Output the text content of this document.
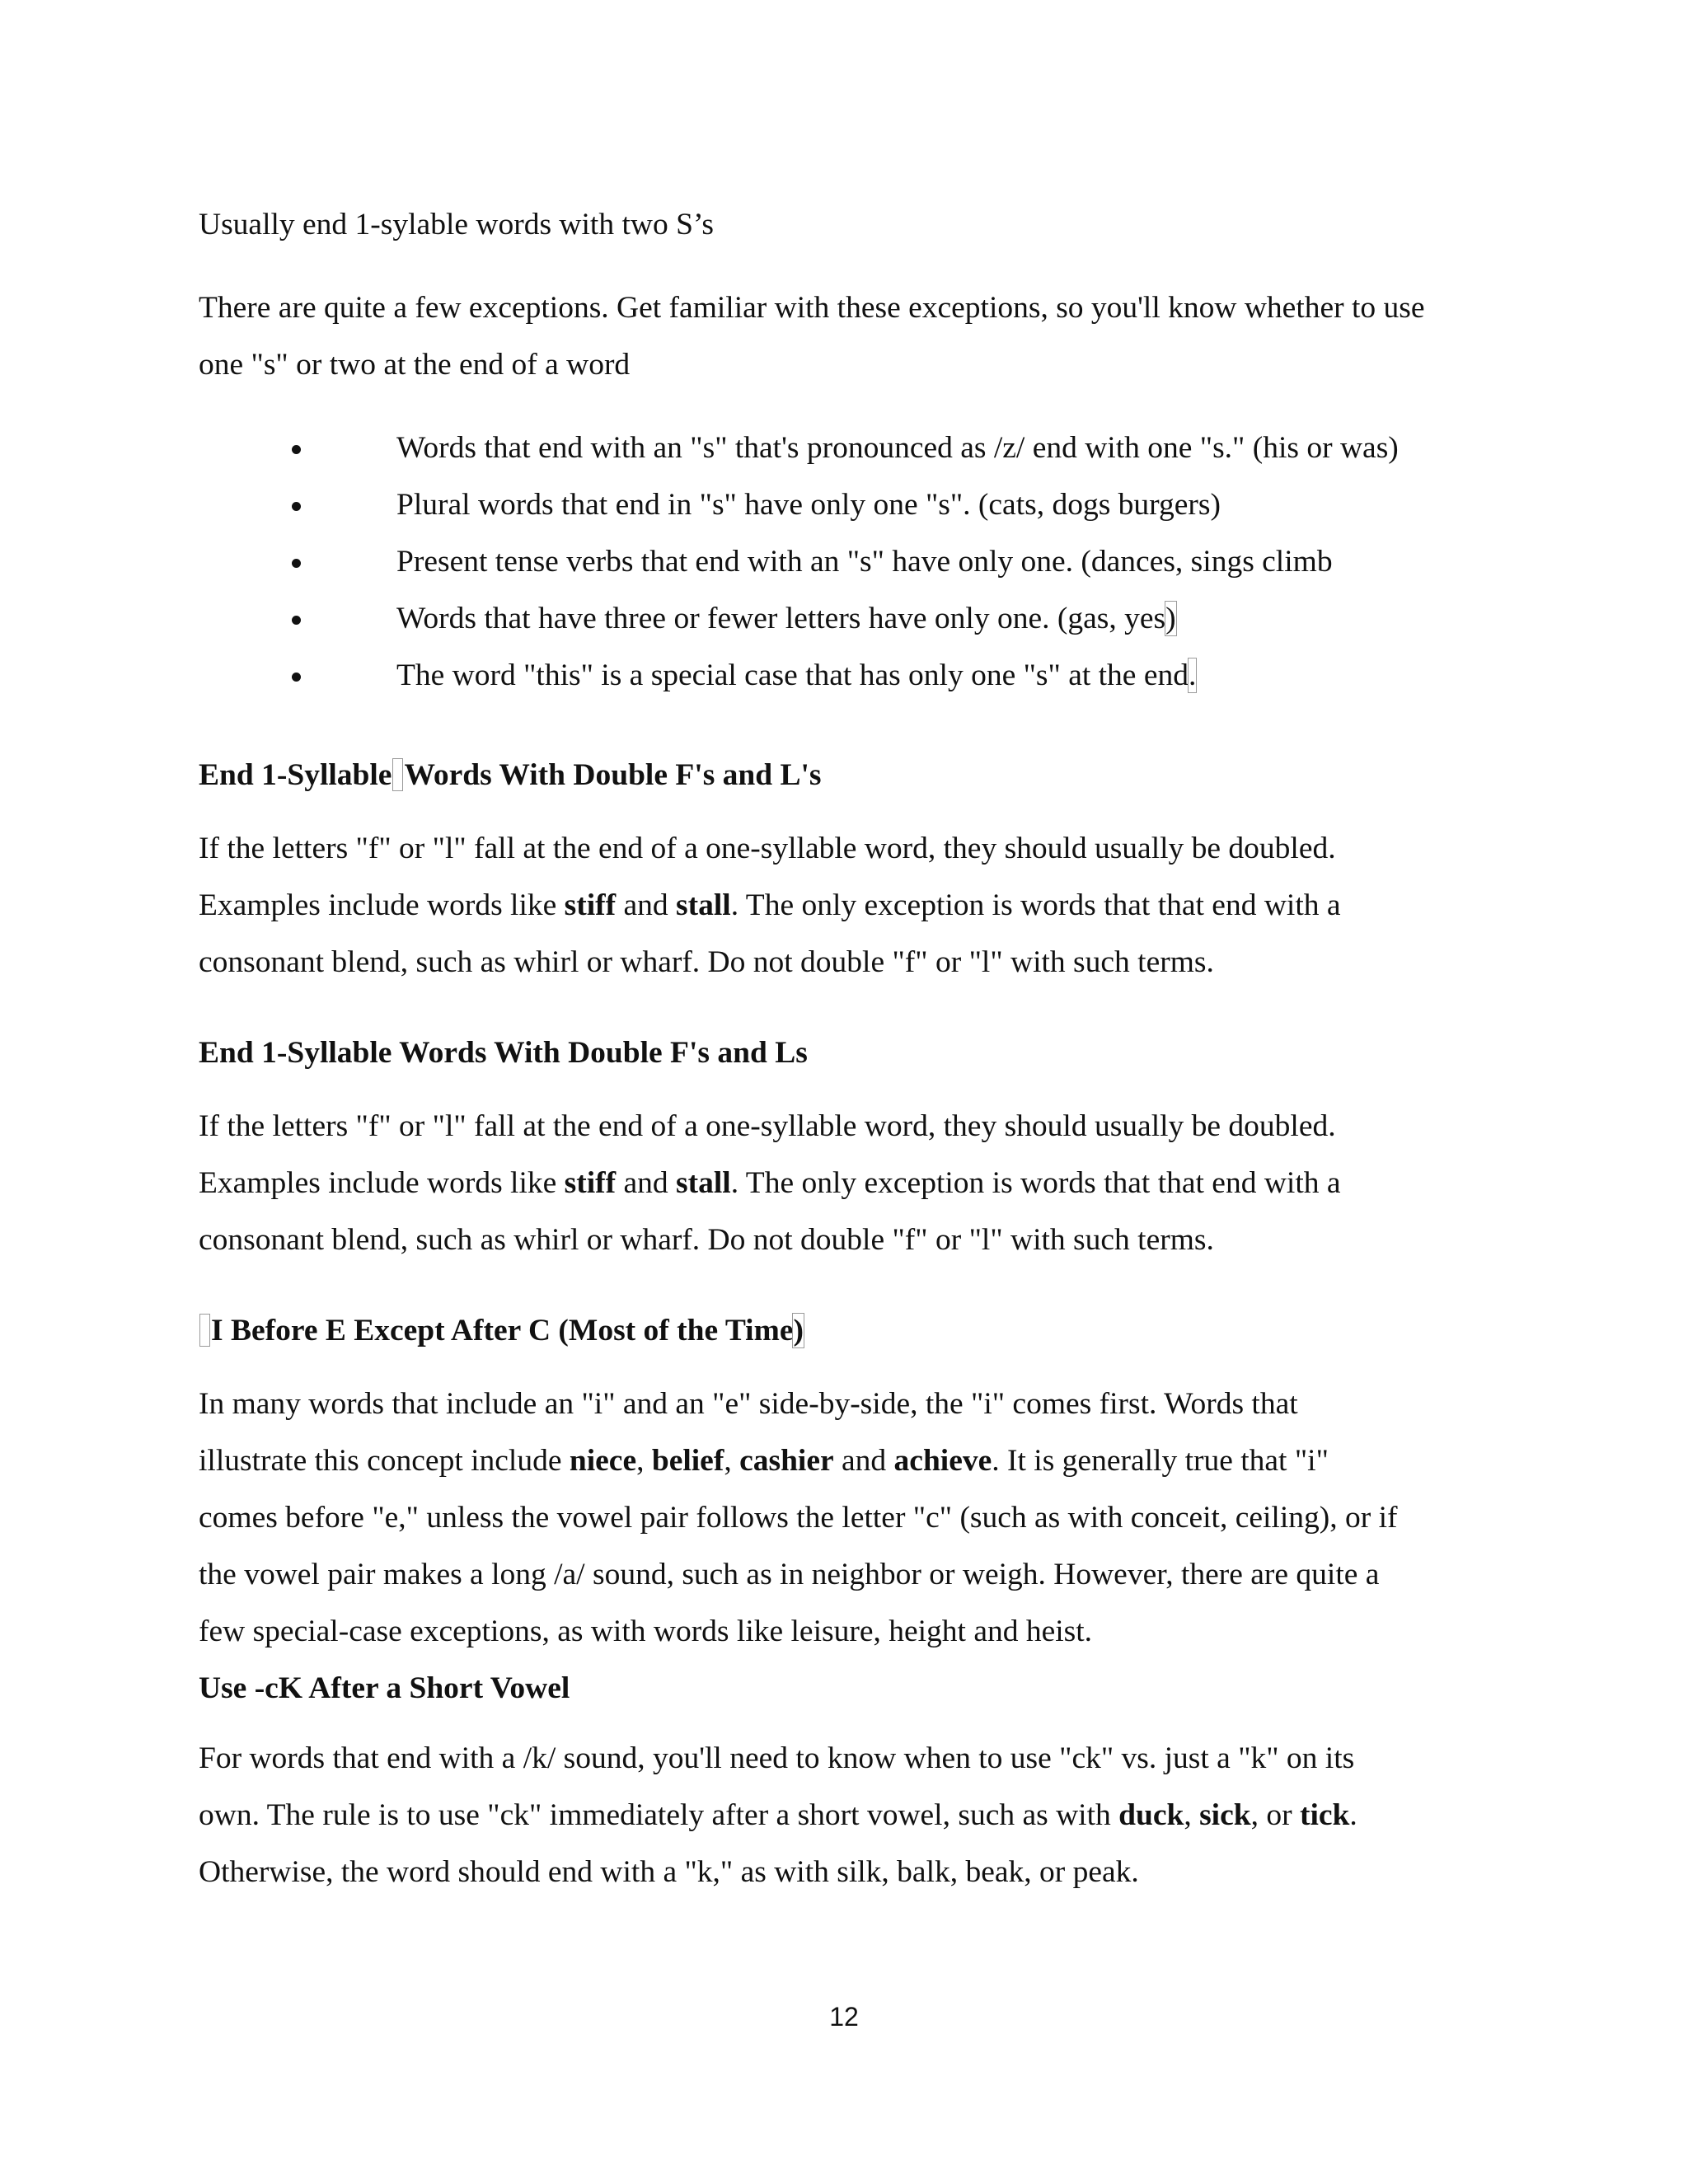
Usually end 1-sylable words with two S’s

There are quite a few exceptions. Get familiar with these exceptions, so you'll know whether to use one "s" or two at the end of a word

Words that end with an "s" that's pronounced as /z/ end with one "s." (his or was)
Plural words that end in "s" have only one "s". (cats, dogs burgers)
Present tense verbs that end with an "s" have only one. (dances, sings climb
Words that have three or fewer letters have only one. (gas, yes)
The word "this" is a special case that has only one "s" at the end.

End 1-Syllable Words With Double F's and L's

If the letters "f" or "l" fall at the end of a one-syllable word, they should usually be doubled.

Examples include words like stiff and stall. The only exception is words that that end with a

consonant blend, such as whirl or wharf. Do not double "f" or "l" with such terms.

End 1-Syllable Words With Double F's and Ls

If the letters "f" or "l" fall at the end of a one-syllable word, they should usually be doubled.

Examples include words like stiff and stall. The only exception is words that that end with a

consonant blend, such as whirl or wharf. Do not double "f" or "l" with such terms.

I Before E Except After C (Most of the Time)

In many words that include an "i" and an "e" side-by-side, the "i" comes first. Words that

illustrate this concept include niece, belief, cashier and achieve. It is generally true that "i"

comes before "e," unless the vowel pair follows the letter "c" (such as with conceit, ceiling), or if

the vowel pair makes a long /a/ sound, such as in neighbor or weigh. However, there are quite a

few special-case exceptions, as with words like leisure, height and heist.

Use -cK After a Short Vowel

For words that end with a /k/ sound, you'll need to know when to use "ck" vs. just a "k" on its

own. The rule is to use "ck" immediately after a short vowel, such as with duck, sick, or tick.

Otherwise, the word should end with a "k," as with silk, balk, beak, or peak.

12
